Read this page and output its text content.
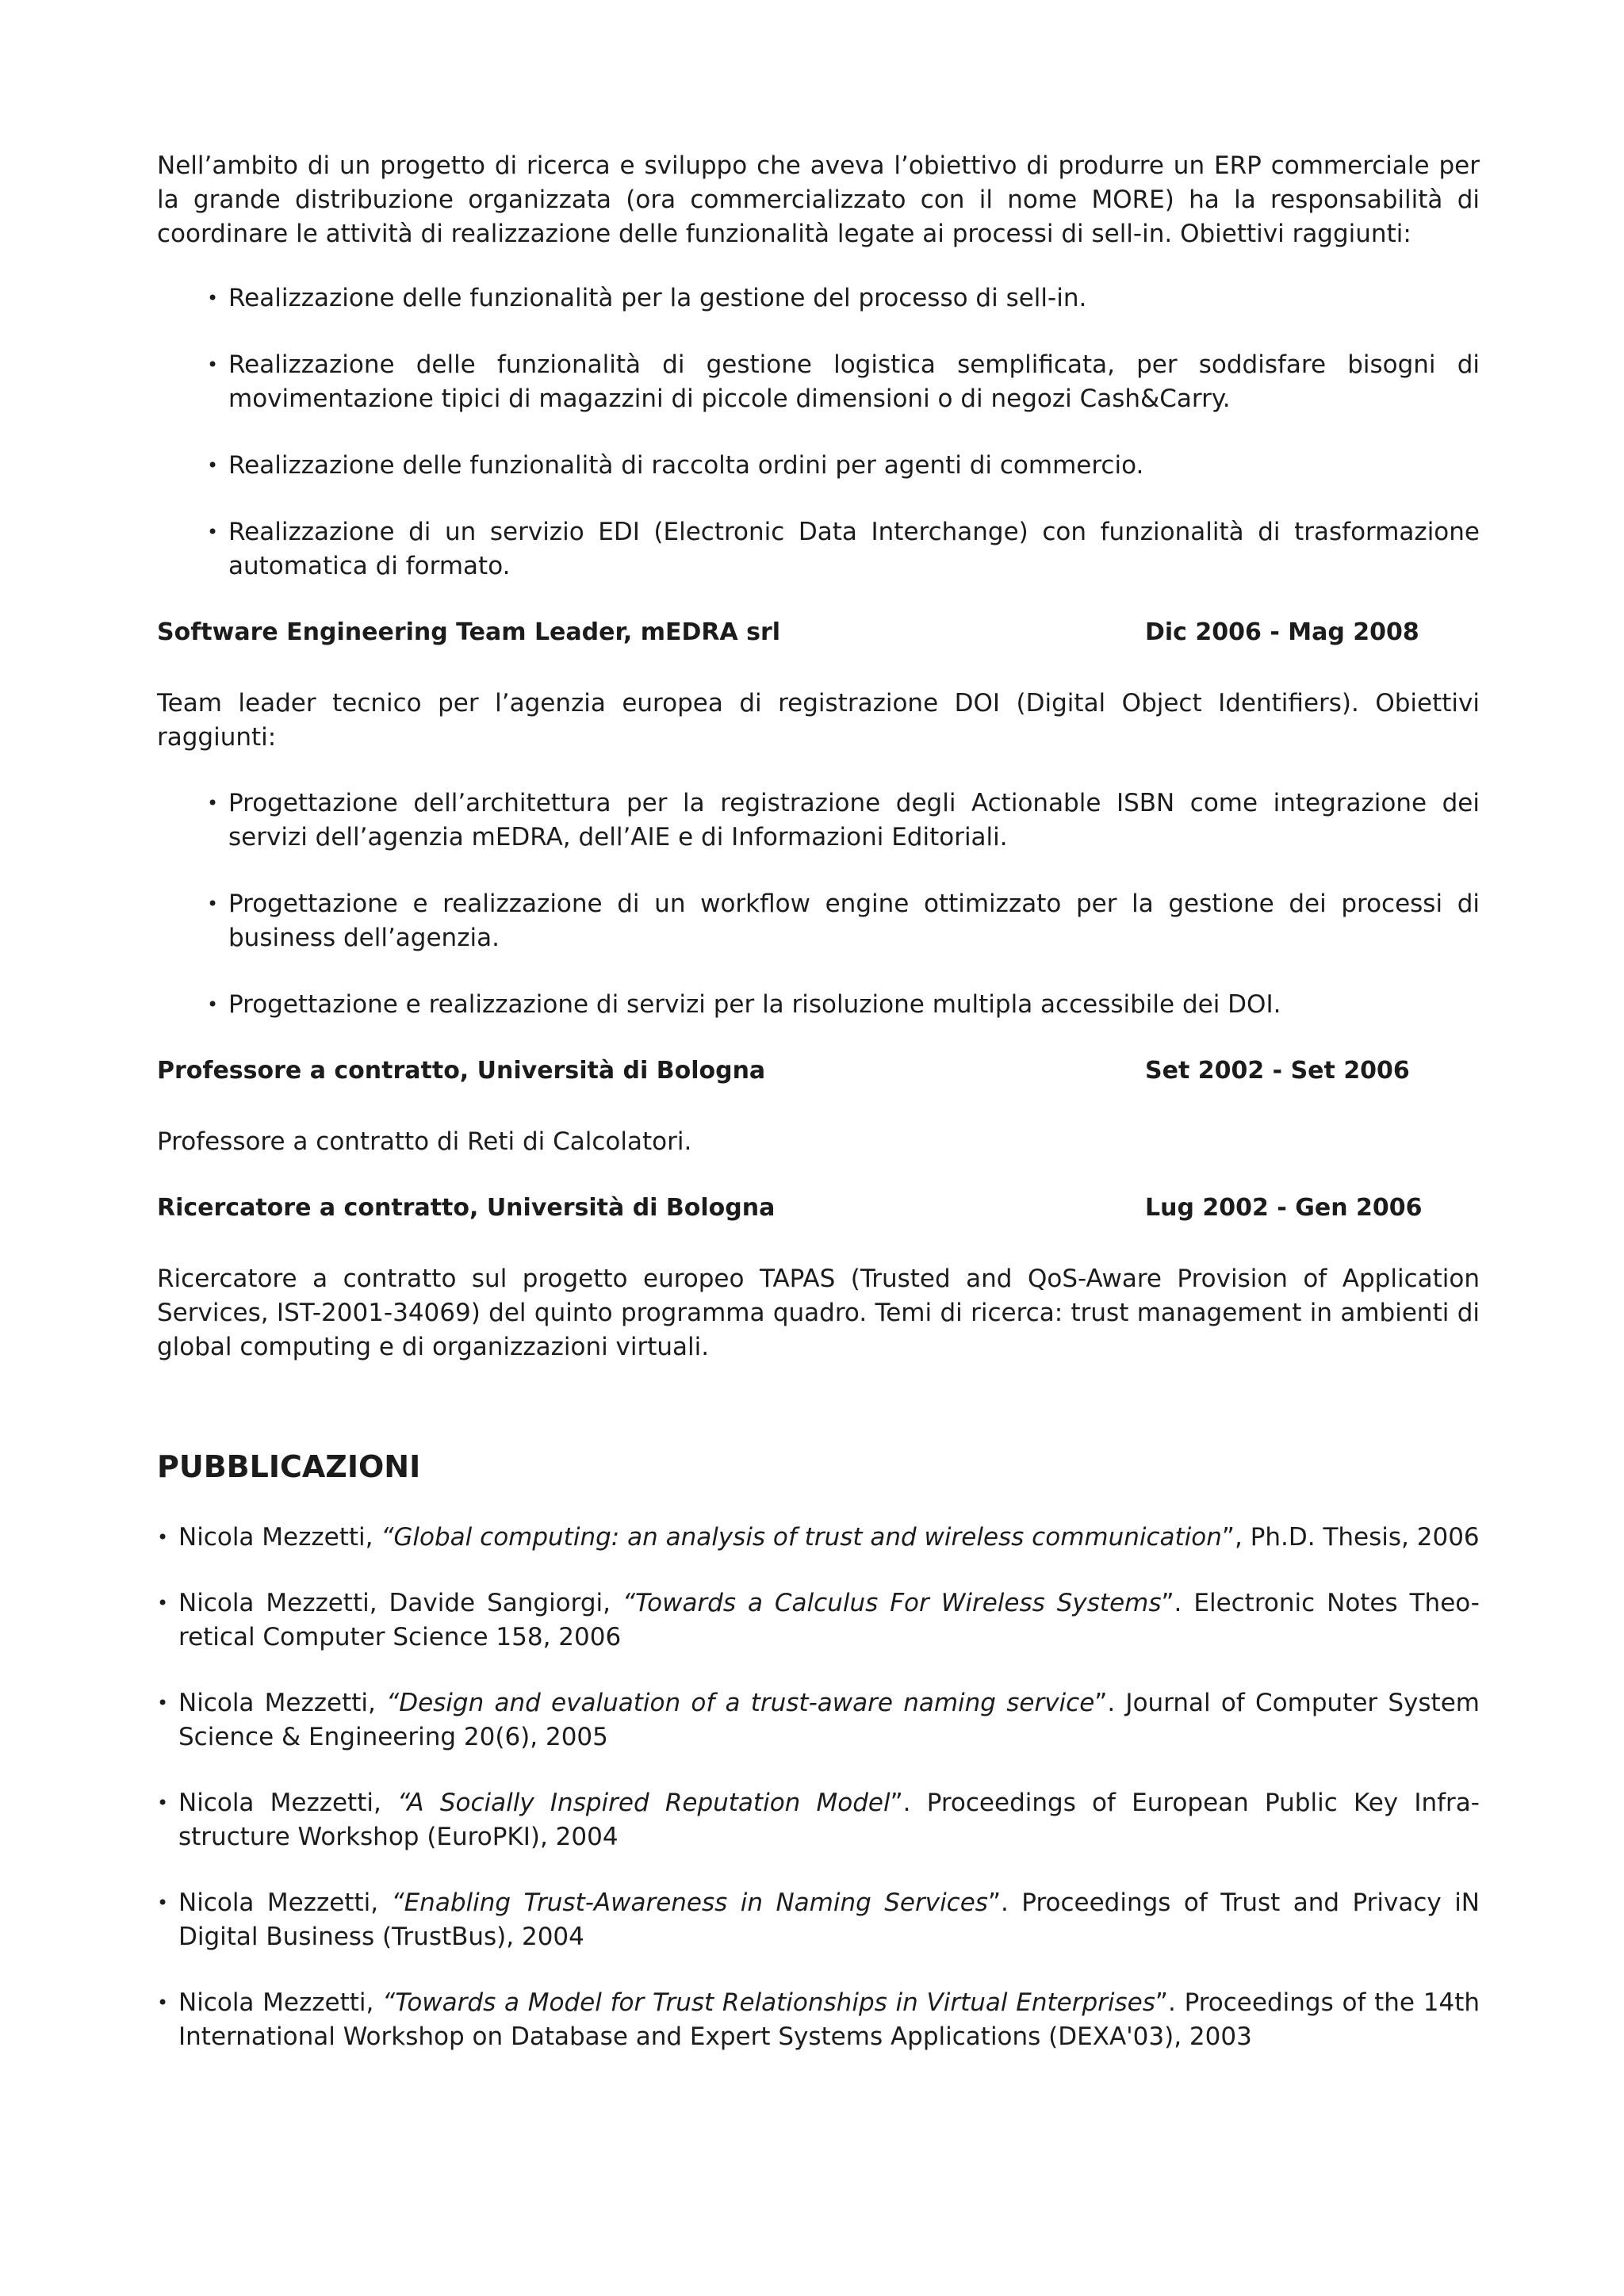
Nell’ambito di un progetto di ricerca e sviluppo che aveva l’obiettivo di produrre un ERP commerciale per la grande distribuzione organizzata (ora commercializzato con il nome MORE) ha la responsabilità di coordinare le attività di realizzazione delle funzionalità legate ai processi di sell-in. Obiettivi raggiunti:

• Realizzazione delle funzionalità per la gestione del processo di sell-in.
• Realizzazione delle funzionalità di gestione logistica semplificata, per soddisfare bisogni di movimentazione tipici di magazzini di piccole dimensioni o di negozi Cash&Carry.
• Realizzazione delle funzionalità di raccolta ordini per agenti di commercio.
• Realizzazione di un servizio EDI (Electronic Data Interchange) con funzionalità di trasformazione automatica di formato.
Software Engineering Team Leader, mEDRA srl	Dic 2006 - Mag 2008

Team leader tecnico per l’agenzia europea di registrazione DOI (Digital Object Identifiers). Obiettivi raggiunti:

• Progettazione dell’architettura per la registrazione degli Actionable ISBN come integrazione dei servizi dell’agenzia mEDRA, dell’AIE e di Informazioni Editoriali.
• Progettazione e realizzazione di un workflow engine ottimizzato per la gestione dei processi di business dell’agenzia.
• Progettazione e realizzazione di servizi per la risoluzione multipla accessibile dei DOI.
Professore a contratto, Università di Bologna	Set 2002 - Set 2006

Professore a contratto di Reti di Calcolatori.

Ricercatore a contratto, Università di Bologna	Lug 2002 - Gen 2006

Ricercatore a contratto sul progetto europeo TAPAS (Trusted and QoS-Aware Provision of Application Services, IST-2001-34069) del quinto programma quadro. Temi di ricerca: trust management in ambienti di global computing e di organizzazioni virtuali.

PUBBLICAZIONI
• Nicola Mezzetti, “Global computing: an analysis of trust and wireless communication”, Ph.D. Thesis, 2006
• Nicola Mezzetti, Davide Sangiorgi, “Towards a Calculus For Wireless Systems”. Electronic Notes Theo- retical Computer Science 158, 2006
• Nicola Mezzetti, “Design and evaluation of a trust-aware naming service”. Journal of Computer System Science & Engineering 20(6), 2005
• Nicola Mezzetti, “A Socially Inspired Reputation Model”. Proceedings of European Public Key Infra- structure Workshop (EuroPKI), 2004
• Nicola Mezzetti, “Enabling Trust-Awareness in Naming Services”. Proceedings of Trust and Privacy iN Digital Business (TrustBus), 2004
• Nicola Mezzetti, “Towards a Model for Trust Relationships in Virtual Enterprises”. Proceedings of the 14th International Workshop on Database and Expert Systems Applications (DEXA'03), 2003
